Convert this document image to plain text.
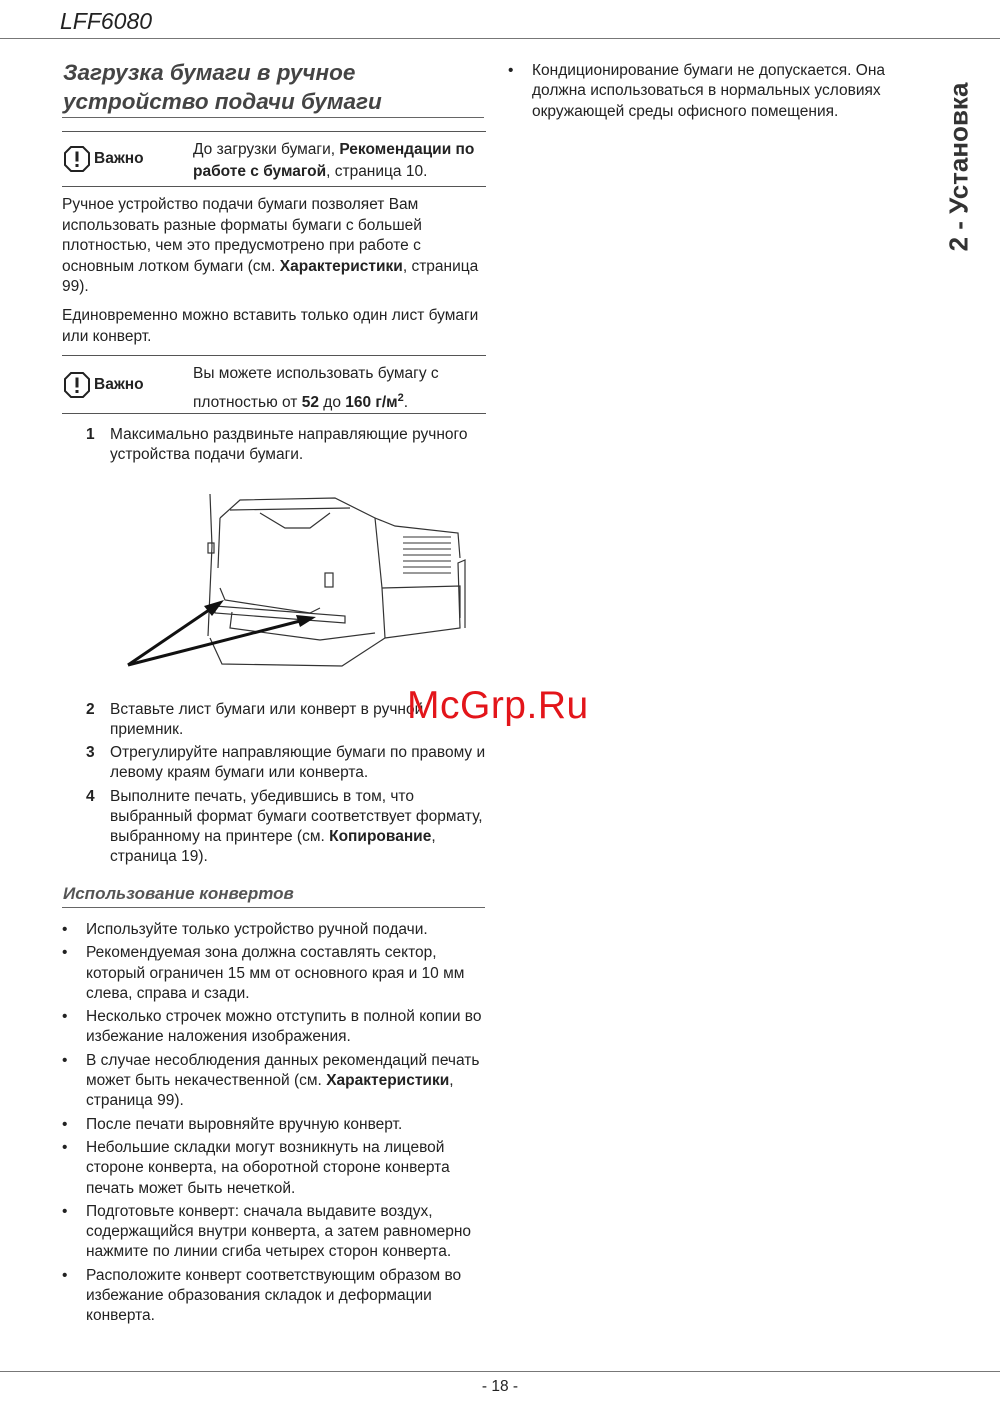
LFF6080
Загрузка бумаги в ручное
устройство подачи бумаги
Важно
До загрузки бумаги, Рекомендации по работе с бумагой, страница 10.
Ручное устройство подачи бумаги позволяет Вам использовать разные форматы бумаги с большей плотностью, чем это предусмотрено при работе с основным лотком бумаги (см. Характеристики, страница 99).
Единовременно можно вставить только один лист бумаги или конверт.
Важно
Вы можете использовать бумагу с плотностью от 52 до 160 $г/м^2$.
1 Максимально раздвиньте направляющие ручного устройства подачи бумаги.
2 Вставьте лист бумаги или конверт в ручной приемник.
3 Отрегулируйте направляющие бумаги по правому и левому краям бумаги или конверта.
4 Выполните печать, убедившись в том, что выбранный формат бумаги соответствует формату, выбранному на принтере (см. Копирование, страница 19).
Использование конвертов
• Используйте только устройство ручной подачи.
• Рекомендуемая зона должна составлять сектор, который ограничен 15 мм от основного края и 10 мм слева, справа и сзади.
• Несколько строчек можно отступить в полной копии во избежание наложения изображения.
• В случае несоблюдения данных рекомендаций печать может быть некачественной (см. Характеристики, страница 99).
• После печати выровняйте вручную конверт.
• Небольшие складки могут возникнуть на лицевой стороне конверта, на оборотной стороне конверта печать может быть нечеткой.
• Подготовьте конверт: сначала выдавите воздух, содержащийся внутри конверта, а затем равномерно нажмите по линии сгиба четырех сторон конверта.
• Расположите конверт соответствующим образом во избежание образования складок и деформации конверта.
• Кондиционирование бумаги не допускается. Она должна использоваться в нормальных условиях окружающей среды офисного помещения.	2 - Установка
McGrp.Ru
- 18 -
